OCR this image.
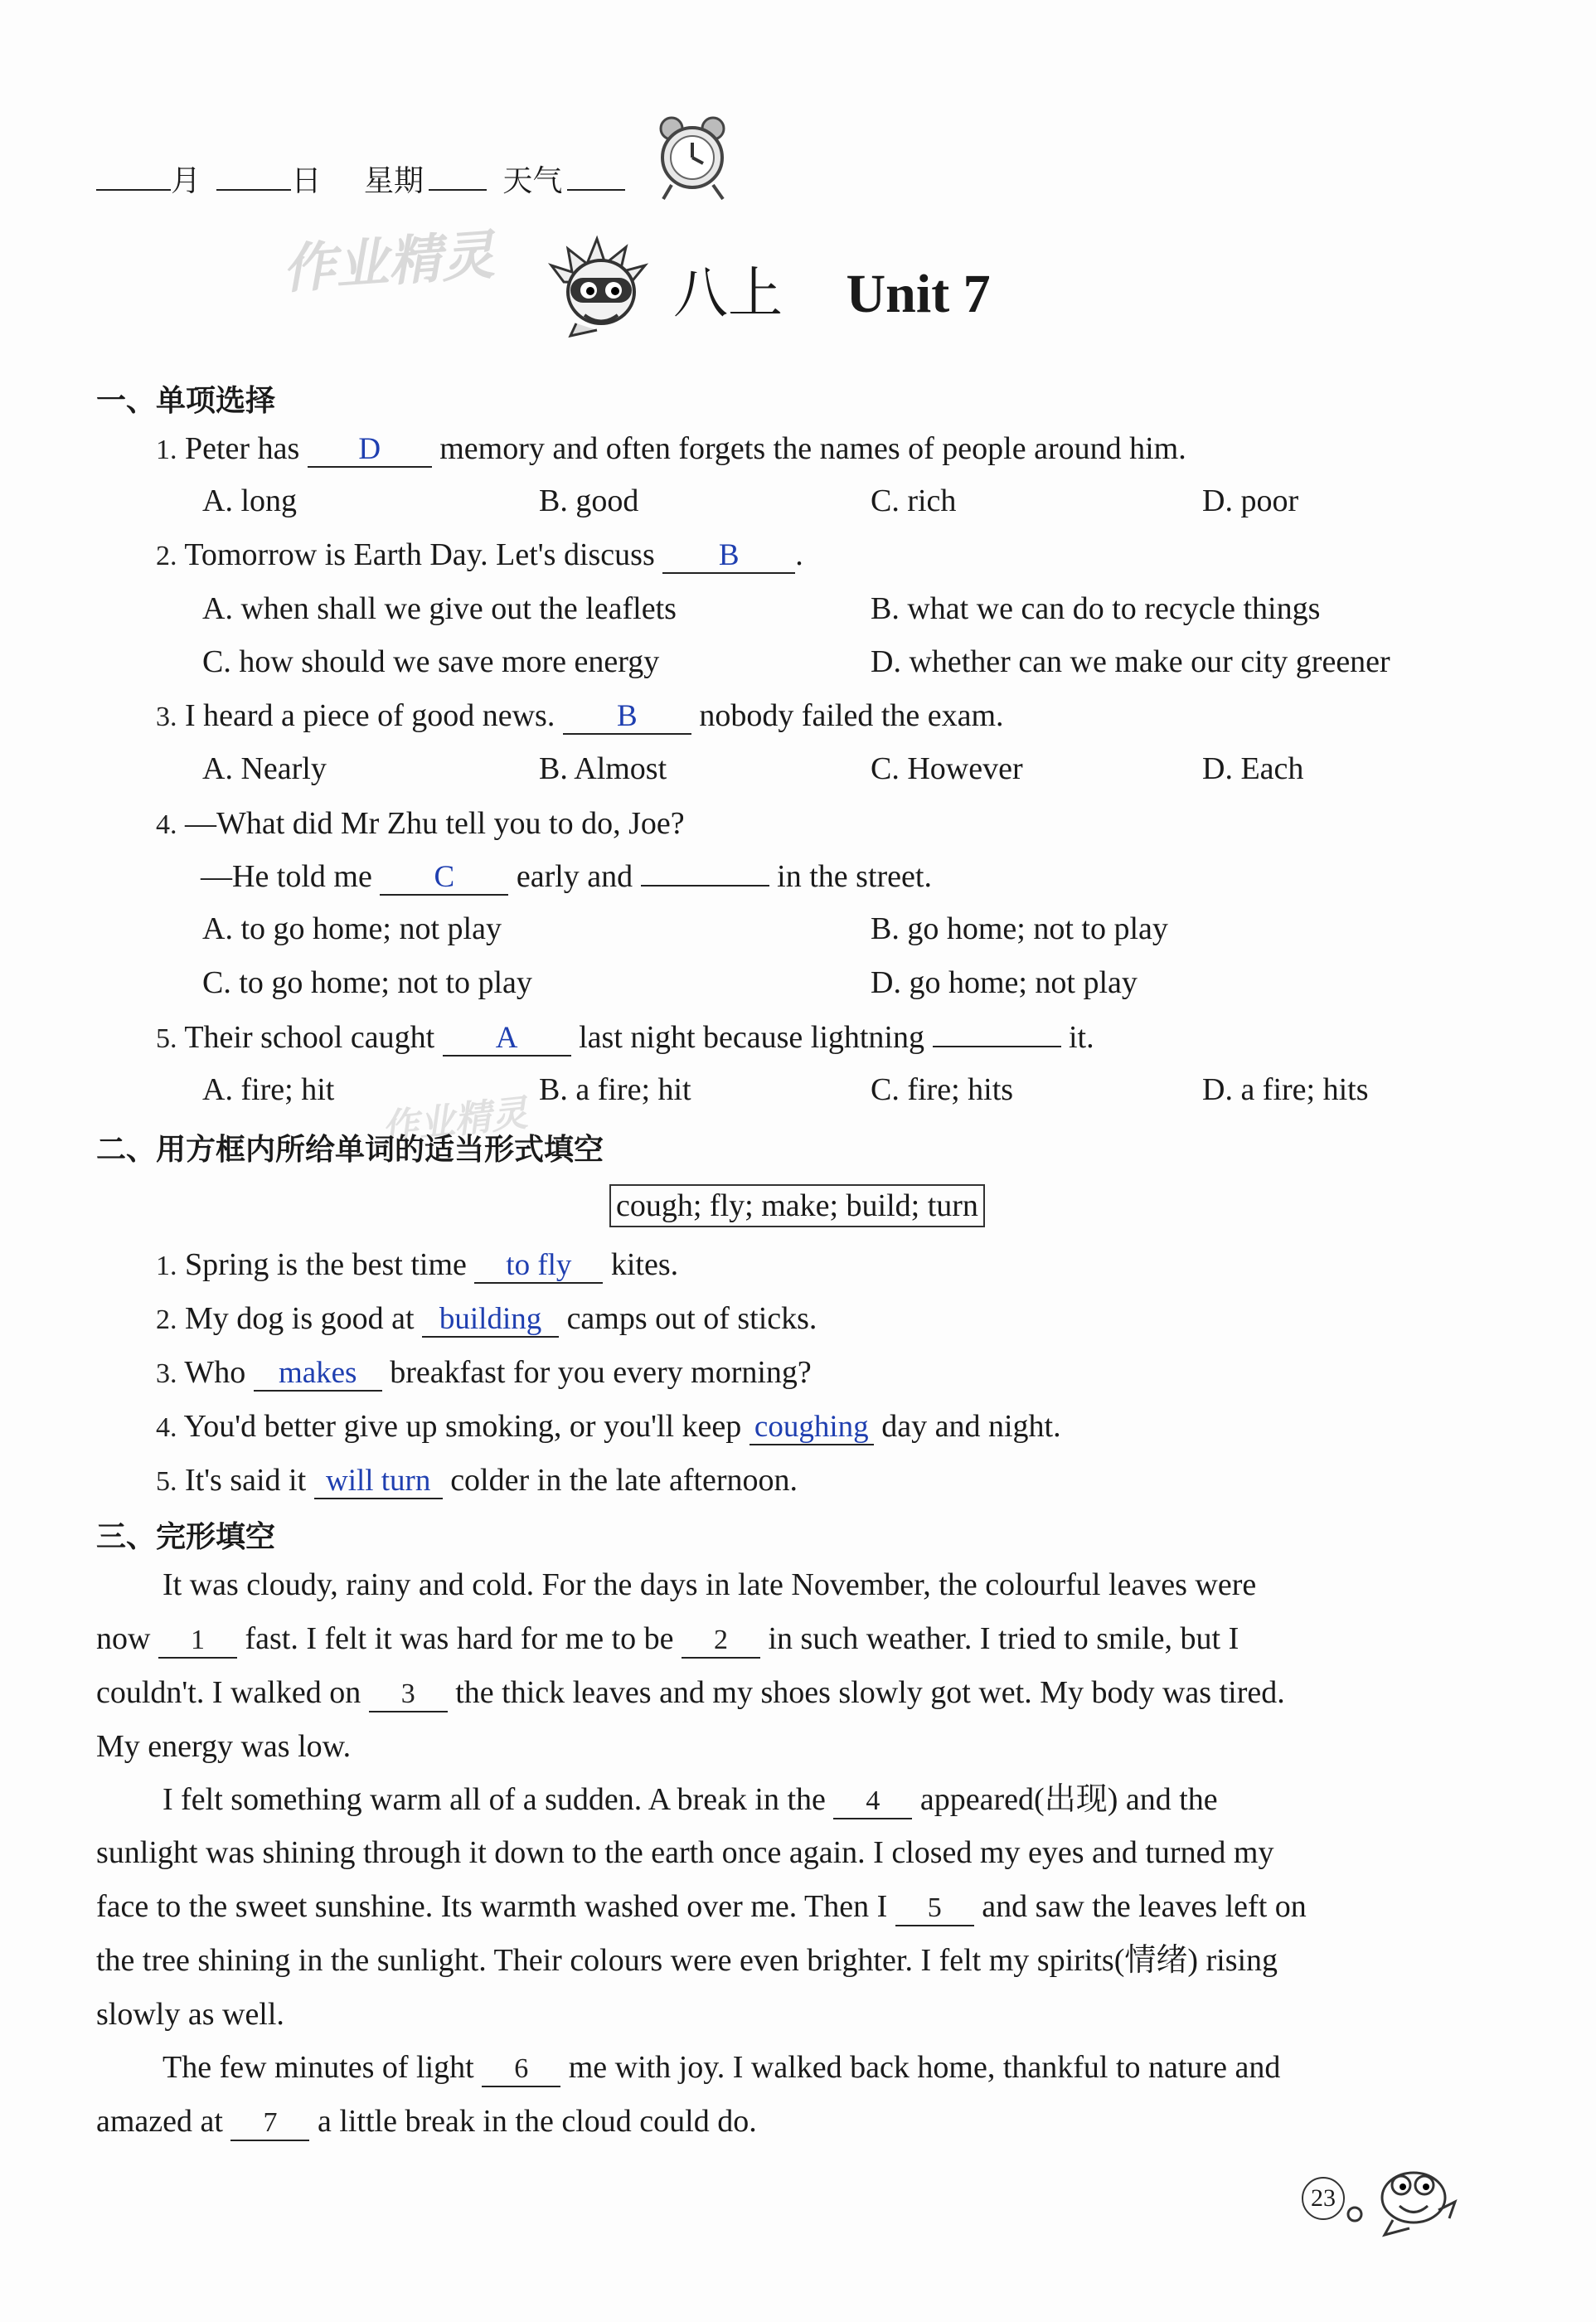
月	日 星期	天气
作业精灵	八上 Unit 7
一、单项选择
1. Peter has D memory and often forgets the names of people around him.
A. long	B. good	C. rich	D. poor
2. Tomorrow is Earth Day. Let's discuss B .
A. when shall we give out the leaflets	B. what we can do to recycle things
C. how should we save more energy	D. whether can we make our city greener
3. I heard a piece of good news. B nobody failed the exam.
A. Nearly	B. Almost	C. However	D. Each
4. —What did Mr Zhu tell you to do, Joe?
—He told me C early and	in the street.
A. to go home; not play	B. go home; not to play
C. to go home; not to play	D. go home; not play
5. Their school caught A last night because lightning	it.
A. fire; hit	B. a fire; hit	C. fire; hits	D. a fire; hits
作业精灵
二、用方框内所给单词的适当形式填空
cough; fly; make; build; turn
1. Spring is the best time to fly kites.
2. My dog is good at building camps out of sticks.
3. Who makes breakfast for you every morning?
4. You'd better give up smoking, or you'll keep coughing day and night.
5. It's said it will turn colder in the late afternoon.
三、完形填空
It was cloudy, rainy and cold. For the days in late November, the colourful leaves were
now 1 fast. I felt it was hard for me to be 2 in such weather. I tried to smile, but I
couldn't. I walked on 3 the thick leaves and my shoes slowly got wet. My body was tired.
My energy was low.
I felt something warm all of a sudden. A break in the 4 appeared(出现) and the
sunlight was shining through it down to the earth once again. I closed my eyes and turned my
face to the sweet sunshine. Its warmth washed over me. Then I 5 and saw the leaves left on
the tree shining in the sunlight. Their colours were even brighter. I felt my spirits(情绪) rising
slowly as well.
The few minutes of light 6 me with joy. I walked back home, thankful to nature and
amazed at 7 a little break in the cloud could do.
23
